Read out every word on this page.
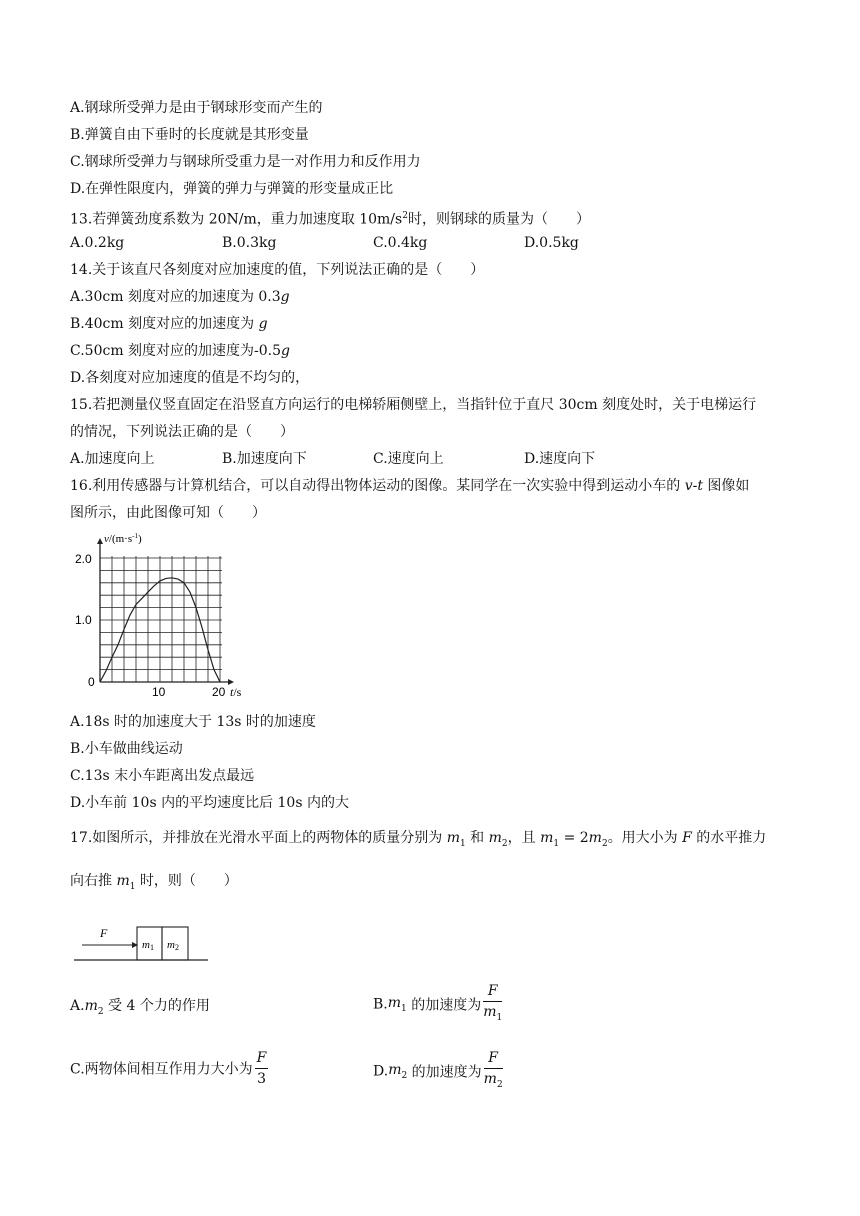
A.钢球所受弹力是由于钢球形变而产生的
B.弹簧自由下垂时的长度就是其形变量
C.钢球所受弹力与钢球所受重力是一对作用力和反作用力
D.在弹性限度内，弹簧的弹力与弹簧的形变量成正比
13.若弹簧劲度系数为 20N/m，重力加速度取 $10m/s^2$时，则钢球的质量为（　　）
A.0.2kg	B.0.3kg	C.0.4kg	D.0.5kg
14.关于该直尺各刻度对应加速度的值，下列说法正确的是（　　）
A.30cm 刻度对应的加速度为 0.3g
B.40cm 刻度对应的加速度为 g
C.50cm 刻度对应的加速度为-0.5g
D.各刻度对应加速度的值是不均匀的，
15.若把测量仪竖直固定在沿竖直方向运行的电梯轿厢侧壁上，当指针位于直尺 30cm 刻度处时，关于电梯运行
的情况，下列说法正确的是（　　）
A.加速度向上	B.加速度向下	C.速度向上	D.速度向下
16.利用传感器与计算机结合，可以自动得出物体运动的图像。某同学在一次实验中得到运动小车的 v-t 图像如
图所示，由此图像可知（　　）
$v/(m\cdot s^{-1})$
2.0
1.0
0
10	20 t/s
A.18s 时的加速度大于 13s 时的加速度
B.小车做曲线运动
C.13s 末小车距离出发点最远
D.小车前 10s 内的平均速度比后 10s 内的大
17.如图所示，并排放在光滑水平面上的两物体的质量分别为 $m_1$ 和 $m_2$，且 $m_1 = 2m_2$。用大小为 F 的水平推力
向右推 $m_1$ 时，则（　　）
F
m1 m2
$A.m_2$ 受 4 个力的作用	$B.m_1$ 的加速度为 $\frac{F}{m_1}$
C.两物体间相互作用力大小为 $\frac{F}{3}$	$D.m_2$ 的加速度为 $\frac{F}{m_2}$
